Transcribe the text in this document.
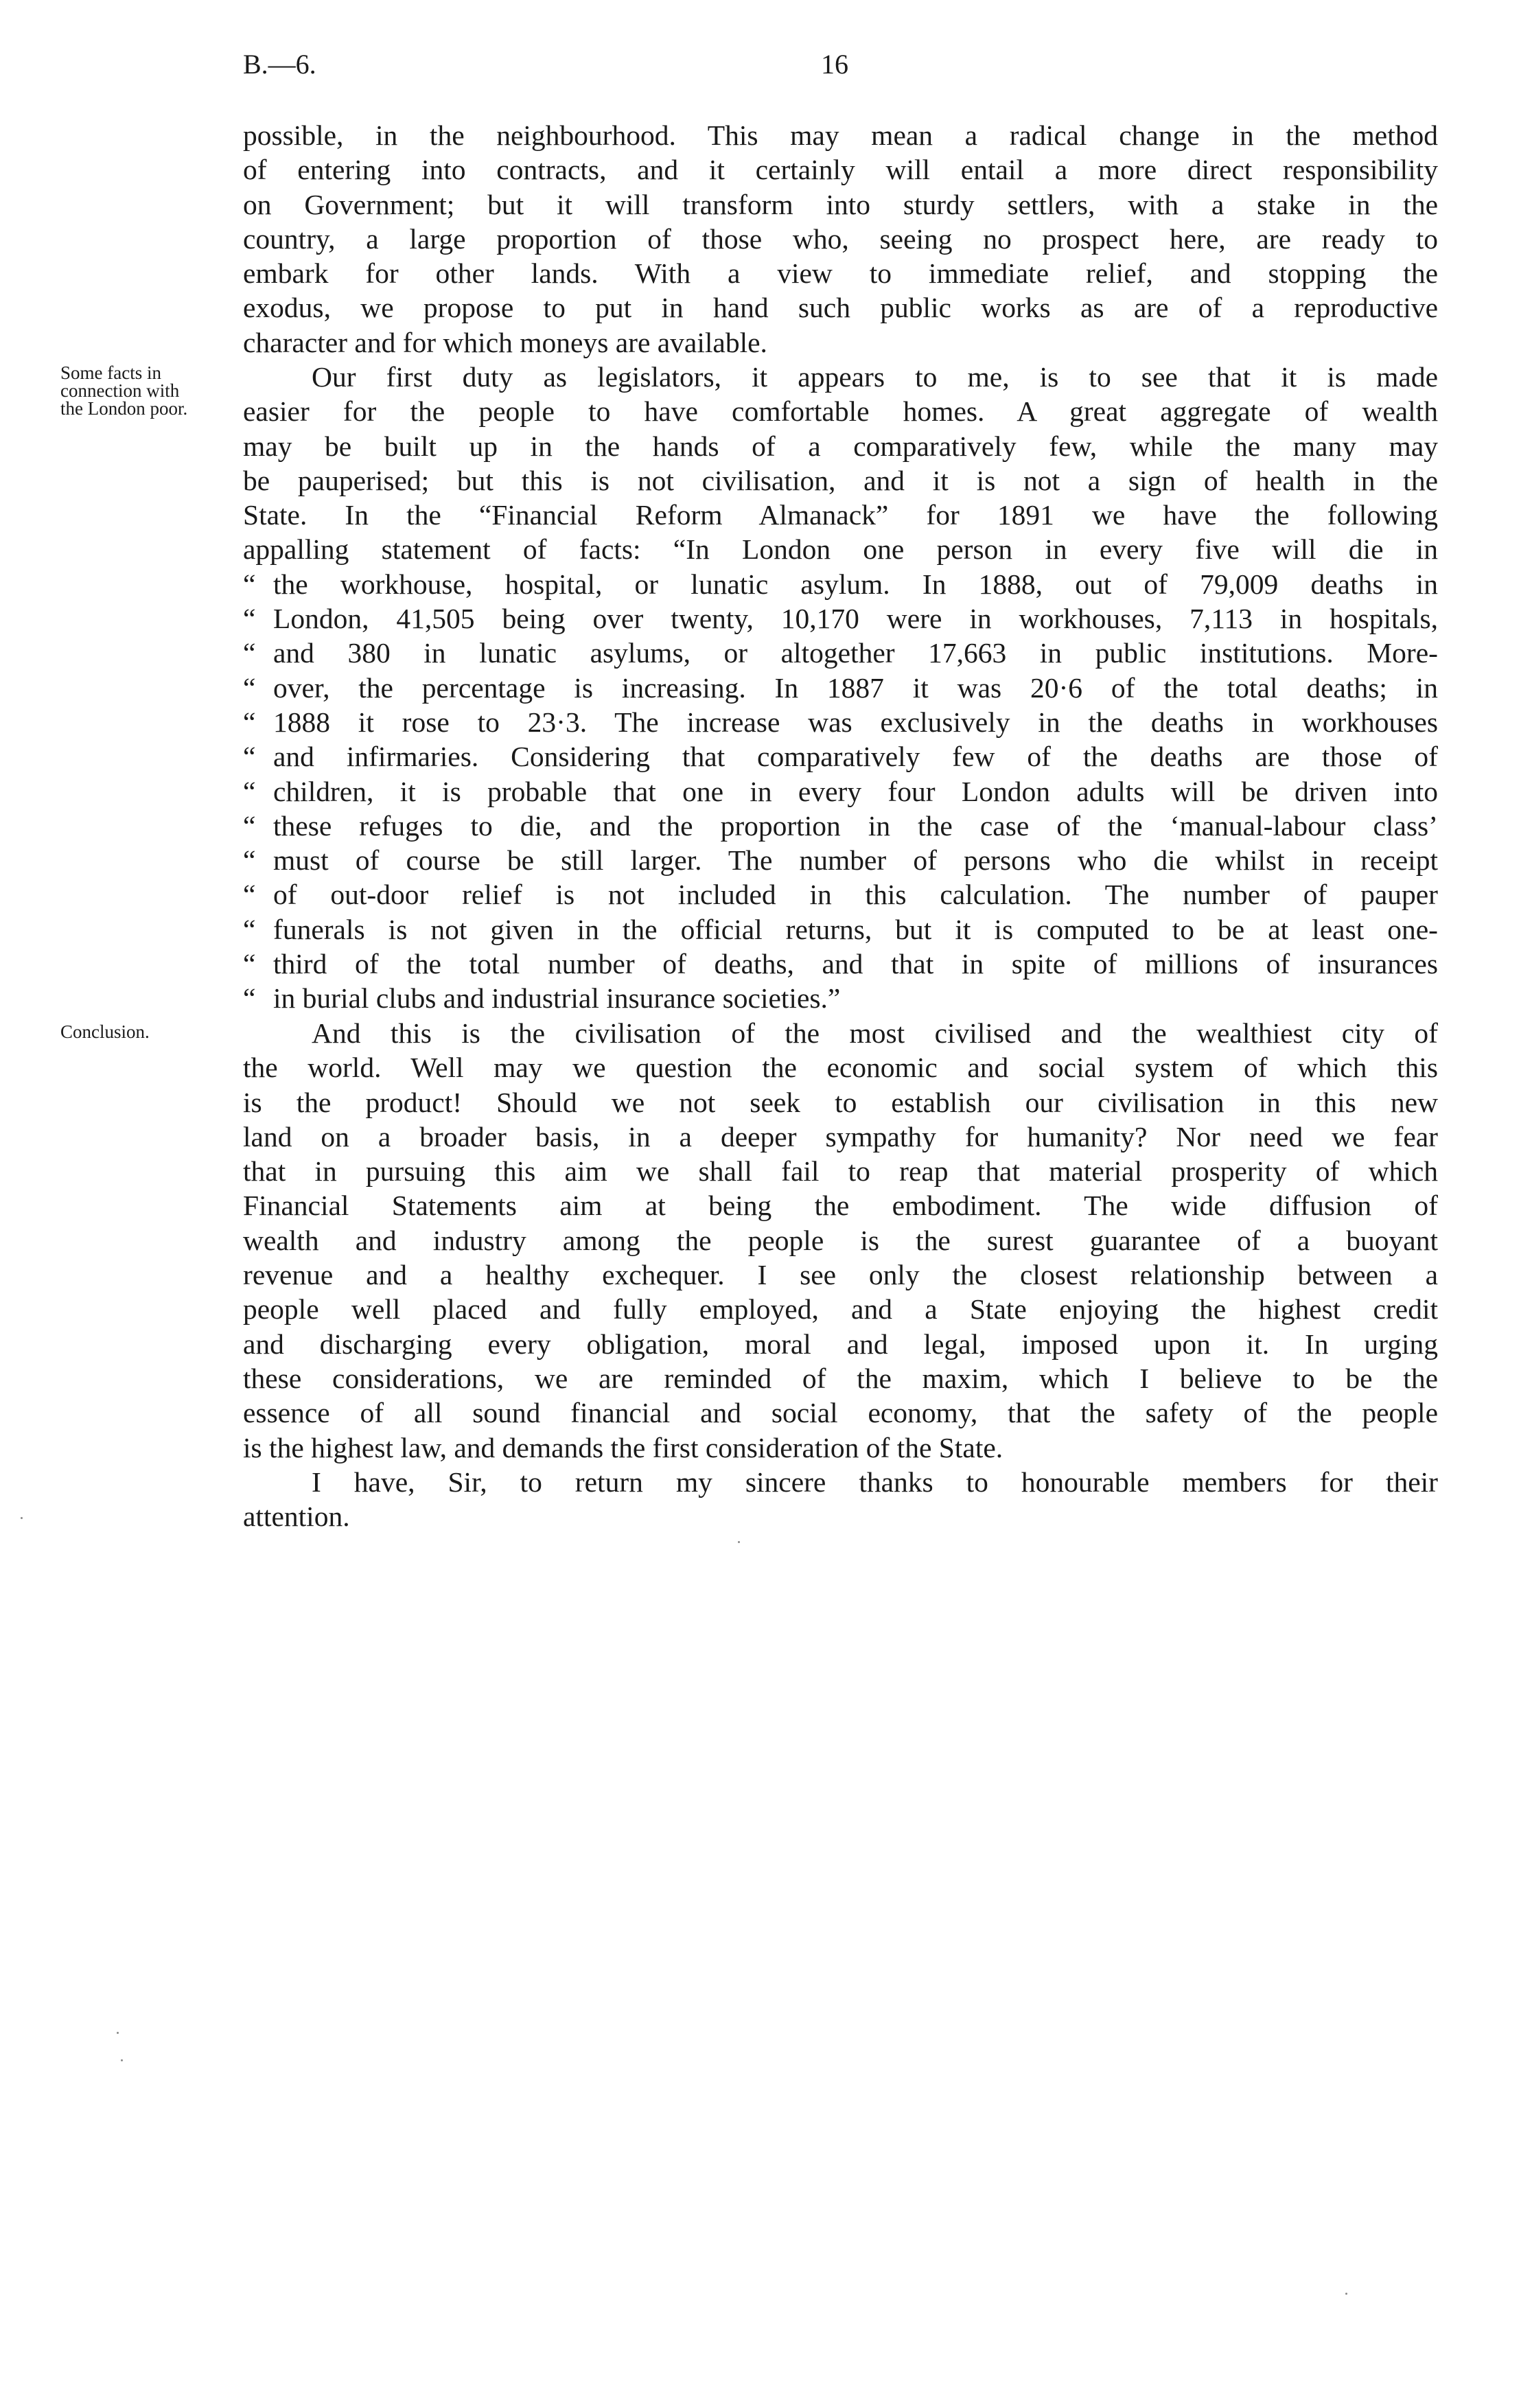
B.—6.	16
Some facts in
connection with
the London poor.
Conclusion.
possible, in the neighbourhood. This may mean a radical change in the method
of entering into contracts, and it certainly will entail a more direct responsibility
on Government; but it will transform into sturdy settlers, with a stake in the
country, a large proportion of those who, seeing no prospect here, are ready to
embark for other lands. With a view to immediate relief, and stopping the
exodus, we propose to put in hand such public works as are of a reproductive
character and for which moneys are available.
Our first duty as legislators, it appears to me, is to see that it is made
easier for the people to have comfortable homes. A great aggregate of wealth
may be built up in the hands of a comparatively few, while the many may
be pauperised; but this is not civilisation, and it is not a sign of health in the
State. In the “Financial Reform Almanack” for 1891 we have the following
appalling statement of facts: “In London one person in every five will die in
“ the workhouse, hospital, or lunatic asylum. In 1888, out of 79,009 deaths in
“ London, 41,505 being over twenty, 10,170 were in workhouses, 7,113 in hospitals,
“ and 380 in lunatic asylums, or altogether 17,663 in public institutions. More-
“ over, the percentage is increasing. In 1887 it was 20·6 of the total deaths; in
“ 1888 it rose to 23·3. The increase was exclusively in the deaths in workhouses
“ and infirmaries. Considering that comparatively few of the deaths are those of
“ children, it is probable that one in every four London adults will be driven into
“ these refuges to die, and the proportion in the case of the ‘manual-labour class’
“ must of course be still larger. The number of persons who die whilst in receipt
“ of out-door relief is not included in this calculation. The number of pauper
“ funerals is not given in the official returns, but it is computed to be at least one-
“ third of the total number of deaths, and that in spite of millions of insurances
“ in burial clubs and industrial insurance societies.”
And this is the civilisation of the most civilised and the wealthiest city of
the world. Well may we question the economic and social system of which this
is the product! Should we not seek to establish our civilisation in this new
land on a broader basis, in a deeper sympathy for humanity? Nor need we fear
that in pursuing this aim we shall fail to reap that material prosperity of which
Financial Statements aim at being the embodiment. The wide diffusion of
wealth and industry among the people is the surest guarantee of a buoyant
revenue and a healthy exchequer. I see only the closest relationship between a
people well placed and fully employed, and a State enjoying the highest credit
and discharging every obligation, moral and legal, imposed upon it. In urging
these considerations, we are reminded of the maxim, which I believe to be the
essence of all sound financial and social economy, that the safety of the people
is the highest law, and demands the first consideration of the State.
I have, Sir, to return my sincere thanks to honourable members for their
attention.
